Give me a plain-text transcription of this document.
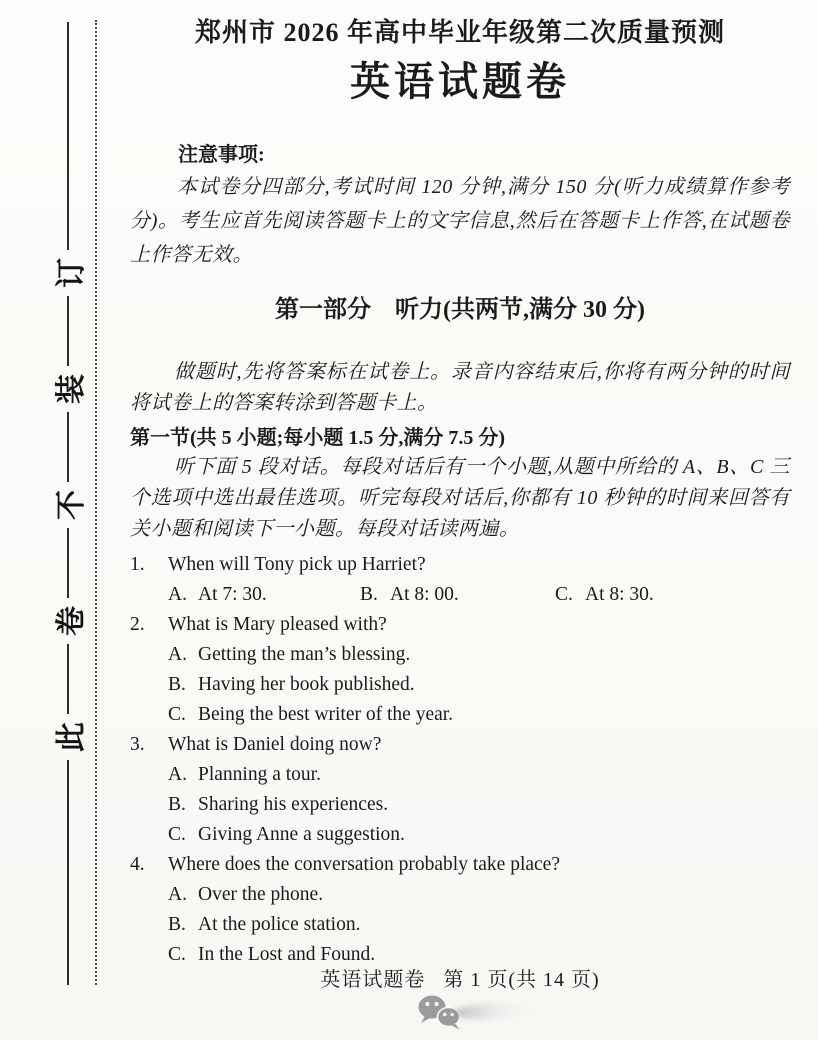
订
装
不
卷
此
郑州市 2026 年高中毕业年级第二次质量预测
英语试题卷
注意事项:
本试卷分四部分,考试时间 120 分钟,满分 150 分(听力成绩算作参考分)。考生应首先阅读答题卡上的文字信息,然后在答题卡上作答,在试题卷上作答无效。
第一部分　听力(共两节,满分 30 分)
做题时,先将答案标在试卷上。录音内容结束后,你将有两分钟的时间将试卷上的答案转涂到答题卡上。
第一节(共 5 小题;每小题 1.5 分,满分 7.5 分)
听下面 5 段对话。每段对话后有一个小题,从题中所给的 A、B、C 三个选项中选出最佳选项。听完每段对话后,你都有 10 秒钟的时间来回答有关小题和阅读下一小题。每段对话读两遍。
1.	When will Tony pick up Harriet?
A. At 7: 30.	B. At 8: 00.	C. At 8: 30.
2.	What is Mary pleased with?
A. Getting the man’s blessing.
B. Having her book published.
C. Being the best writer of the year.
3.	What is Daniel doing now?
A. Planning a tour.
B. Sharing his experiences.
C. Giving Anne a suggestion.
4.	Where does the conversation probably take place?
A. Over the phone.
B. At the police station.
C. In the Lost and Found.
英语试题卷 第 1 页(共 14 页)
